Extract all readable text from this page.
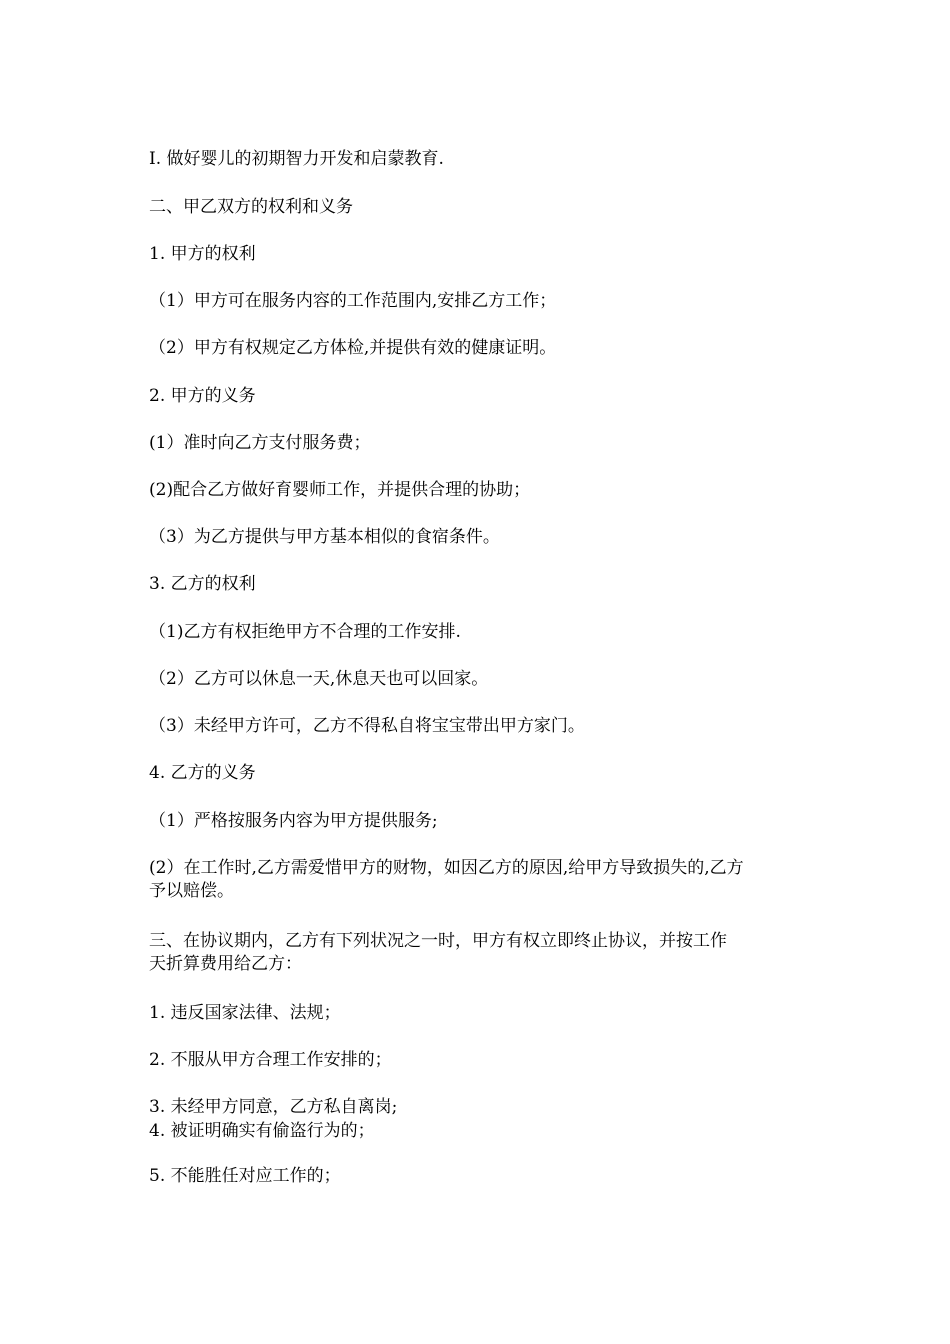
I. 做好婴儿的初期智力开发和启蒙教育.

二、甲乙双方的权利和义务

1. 甲方的权利

（1）甲方可在服务内容的工作范围内,安排乙方工作；

（2）甲方有权规定乙方体检,并提供有效的健康证明。

2. 甲方的义务

(1）准时向乙方支付服务费；

(2)配合乙方做好育婴师工作，并提供合理的协助；

（3）为乙方提供与甲方基本相似的食宿条件。

3. 乙方的权利

（1)乙方有权拒绝甲方不合理的工作安排.

（2）乙方可以休息一天,休息天也可以回家。

（3）未经甲方许可，乙方不得私自将宝宝带出甲方家门。

4. 乙方的义务

（1）严格按服务内容为甲方提供服务;

(2）在工作时,乙方需爱惜甲方的财物，如因乙方的原因,给甲方导致损失的,乙方

予以赔偿。

三、在协议期内，乙方有下列状况之一时，甲方有权立即终止协议，并按工作

天折算费用给乙方：

1. 违反国家法律、法规；

2. 不服从甲方合理工作安排的；

3. 未经甲方同意，乙方私自离岗;

4. 被证明确实有偷盗行为的；

5. 不能胜任对应工作的；
